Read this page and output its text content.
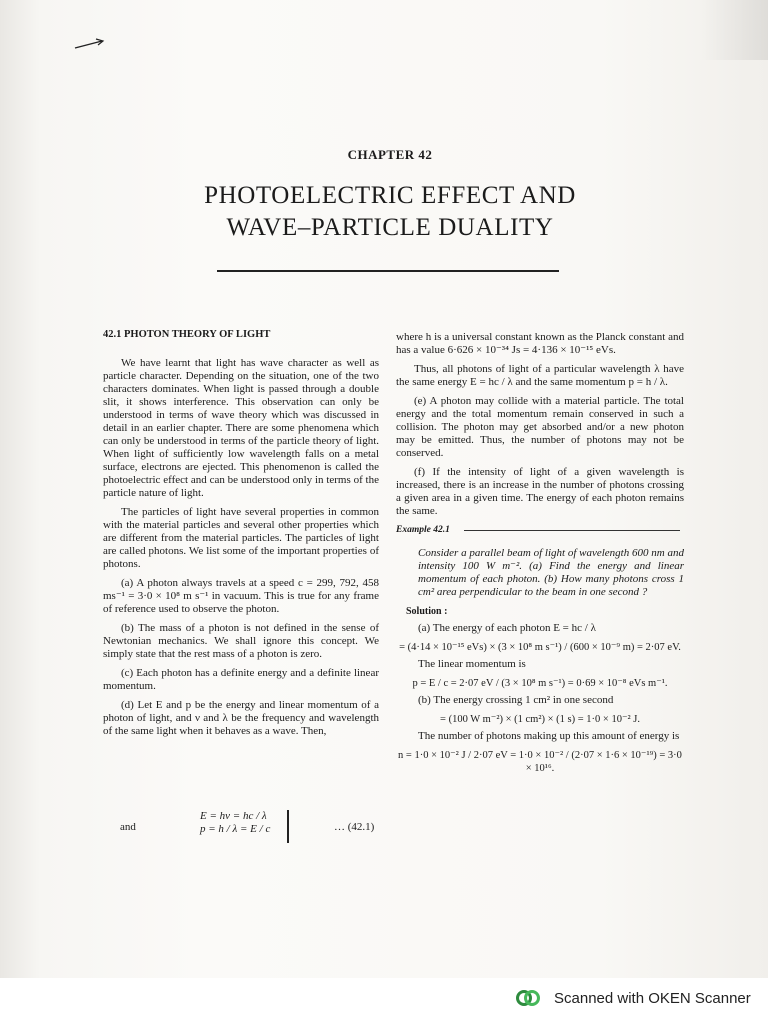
CHAPTER 42
PHOTOELECTRIC EFFECT AND
WAVE–PARTICLE DUALITY

42.1 PHOTON THEORY OF LIGHT

We have learnt that light has wave character as well as particle character. Depending on the situation, one of the two characters dominates. When light is passed through a double slit, it shows interference. This observation can only be understood in terms of wave theory which was discussed in detail in an earlier chapter. There are some phenomena which can only be understood in terms of the particle theory of light. When light of sufficiently low wavelength falls on a metal surface, electrons are ejected. This phenomenon is called the photoelectric effect and can be understood only in terms of the particle nature of light.

The particles of light have several properties in common with the material particles and several other properties which are different from the material particles. The particles of light are called photons. We list some of the important properties of photons.

(a) A photon always travels at a speed c = 299, 792, 458 ms⁻¹ = 3·0 × 10⁸ m s⁻¹ in vacuum. This is true for any frame of reference used to observe the photon.

(b) The mass of a photon is not defined in the sense of Newtonian mechanics. We shall ignore this concept. We simply state that the rest mass of a photon is zero.

(c) Each photon has a definite energy and a definite linear momentum.

(d) Let E and p be the energy and linear momentum of a photon of light, and ν and λ be the frequency and wavelength of the same light when it behaves as a wave. Then,

E = hν = hc / λ
and	p = h / λ = E / c	… (42.1)

where h is a universal constant known as the Planck constant and has a value 6·626 × 10⁻³⁴ Js = 4·136 × 10⁻¹⁵ eVs.

Thus, all photons of light of a particular wavelength λ have the same energy E = hc / λ and the same momentum p = h / λ.

(e) A photon may collide with a material particle. The total energy and the total momentum remain conserved in such a collision. The photon may get absorbed and/or a new photon may be emitted. Thus, the number of photons may not be conserved.

(f) If the intensity of light of a given wavelength is increased, there is an increase in the number of photons crossing a given area in a given time. The energy of each photon remains the same.

Example 42.1

Consider a parallel beam of light of wavelength 600 nm and intensity 100 W m⁻². (a) Find the energy and linear momentum of each photon. (b) How many photons cross 1 cm² area perpendicular to the beam in one second ?

Solution :

(a) The energy of each photon E = hc / λ

= (4·14 × 10⁻¹⁵ eVs) × (3 × 10⁸ m s⁻¹) / (600 × 10⁻⁹ m) = 2·07 eV.

The linear momentum is

p = E / c = 2·07 eV / (3 × 10⁸ m s⁻¹) = 0·69 × 10⁻⁸ eVs m⁻¹.

(b) The energy crossing 1 cm² in one second

= (100 W m⁻²) × (1 cm²) × (1 s) = 1·0 × 10⁻² J.

The number of photons making up this amount of energy is

n = 1·0 × 10⁻² J / 2·07 eV = 1·0 × 10⁻² / (2·07 × 1·6 × 10⁻¹⁹) = 3·0 × 10¹⁶.

Scanned with OKEN Scanner
